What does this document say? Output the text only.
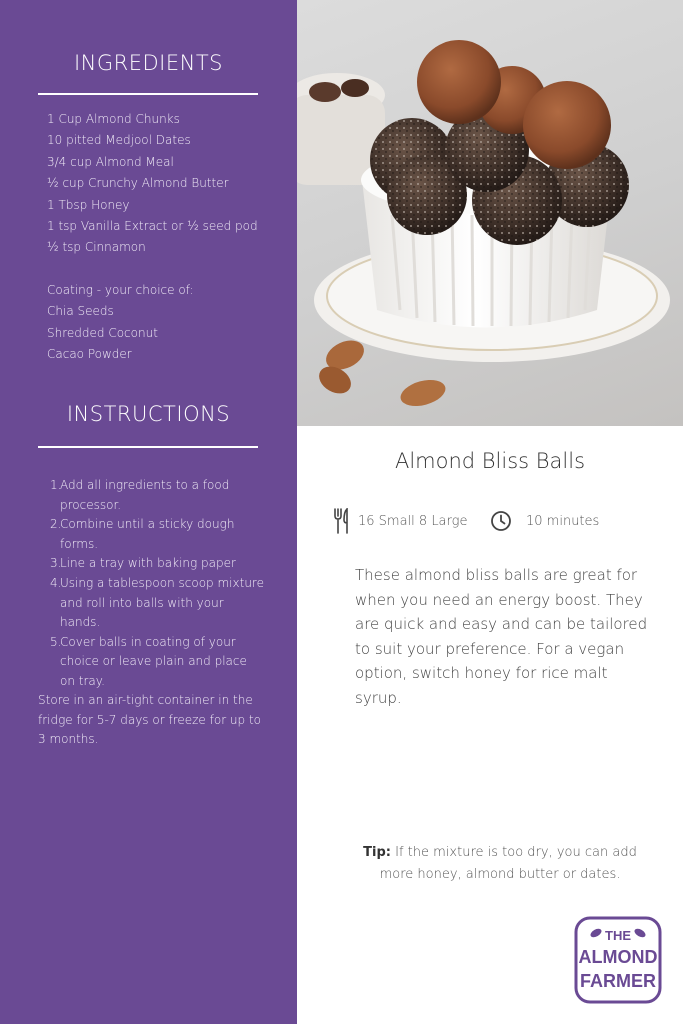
INGREDIENTS
1 Cup Almond Chunks
10 pitted Medjool Dates
3/4 cup Almond Meal
½ cup Crunchy Almond Butter
1 Tbsp Honey
1 tsp Vanilla Extract or ½ seed pod
½ tsp Cinnamon
Coating - your choice of:
Chia Seeds
Shredded Coconut
Cacao Powder
INSTRUCTIONS
1.
Add all ingredients to a food processor.
2.
Combine until a sticky dough forms.
3.
Line a tray with baking paper
4.
Using a tablespoon scoop mixture and roll into balls with your hands.
5.
Cover balls in coating of your choice or leave plain and place on tray.
Store in an air-tight container in the fridge for 5-7 days or freeze for up to 3 months.
Almond Bliss Balls
16 Small 8 Large	10 minutes
These almond bliss balls are great for when you need an energy boost. They are quick and easy and can be tailored to suit your preference. For a vegan option, switch honey for rice malt syrup.
Tip: If the mixture is too dry, you can add more honey, almond butter or dates.
THE
ALMOND
FARMER
